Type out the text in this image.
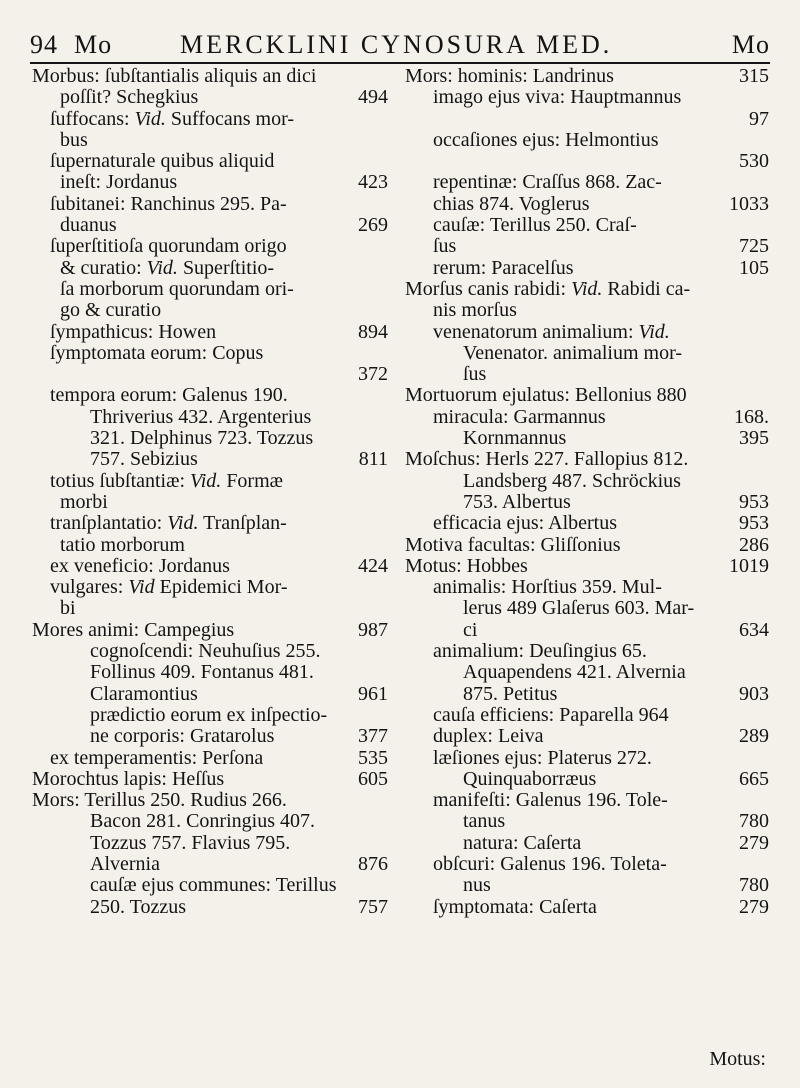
94 Mo	MERCKLINI CYNOSURA MED.	Mo
Morbus: ſubſtantialis aliquis an dici
poſſit? Schegkius	494
ſuffocans: Vid. Suffocans mor-
bus
ſupernaturale quibus aliquid
ineſt: Jordanus	423
ſubitanei: Ranchinus 295. Pa-
duanus	269
ſuperſtitioſa quorundam origo
& curatio: Vid. Superſtitio-
ſa morborum quorundam ori-
go & curatio
ſympathicus: Howen	894
ſymptomata eorum: Copus
372
tempora eorum: Galenus 190.
Thriverius 432. Argenterius
321. Delphinus 723. Tozzus
757. Sebizius	811
totius ſubſtantiæ: Vid. Formæ
morbi
tranſplantatio: Vid. Tranſplan-
tatio morborum
ex veneficio: Jordanus	424
vulgares: Vid Epidemici Mor-
bi
Mores animi: Campegius	987
cognoſcendi: Neuhuſius 255.
Follinus 409. Fontanus 481.
Claramontius	961
prædictio eorum ex inſpectio-
ne corporis: Gratarolus	377
ex temperamentis: Perſona	535
Morochtus lapis: Heſſus	605
Mors: Terillus 250. Rudius 266.
Bacon 281. Conringius 407.
Tozzus 757. Flavius 795.
Alvernia	876
cauſæ ejus communes: Terillus
250. Tozzus	757
Mors: hominis: Landrinus	315
imago ejus viva: Hauptmannus
97
occaſiones ejus: Helmontius
530
repentinæ: Craſſus 868. Zac-
chias 874. Voglerus	1033
cauſæ: Terillus 250. Craſ-
ſus	725
rerum: Paracelſus	105
Morſus canis rabidi: Vid. Rabidi ca-
nis morſus
venenatorum animalium: Vid.
Venenator. animalium mor-
ſus
Mortuorum ejulatus: Bellonius 880
miracula: Garmannus	168.
Kornmannus	395
Moſchus: Herls 227. Fallopius 812.
Landsberg 487. Schröckius
753. Albertus	953
efficacia ejus: Albertus	953
Motiva facultas: Gliſſonius	286
Motus: Hobbes	1019
animalis: Horſtius 359. Mul-
lerus 489 Glaſerus 603. Mar-
ci	634
animalium: Deuſingius 65.
Aquapendens 421. Alvernia
875. Petitus	903
cauſa efficiens: Paparella 964
duplex: Leiva	289
læſiones ejus: Platerus 272.
Quinquaborræus	665
manifeſti: Galenus 196. Tole-
tanus	780
natura: Caſerta	279
obſcuri: Galenus 196. Toleta-
nus	780
ſymptomata: Caſerta	279
Motus:
